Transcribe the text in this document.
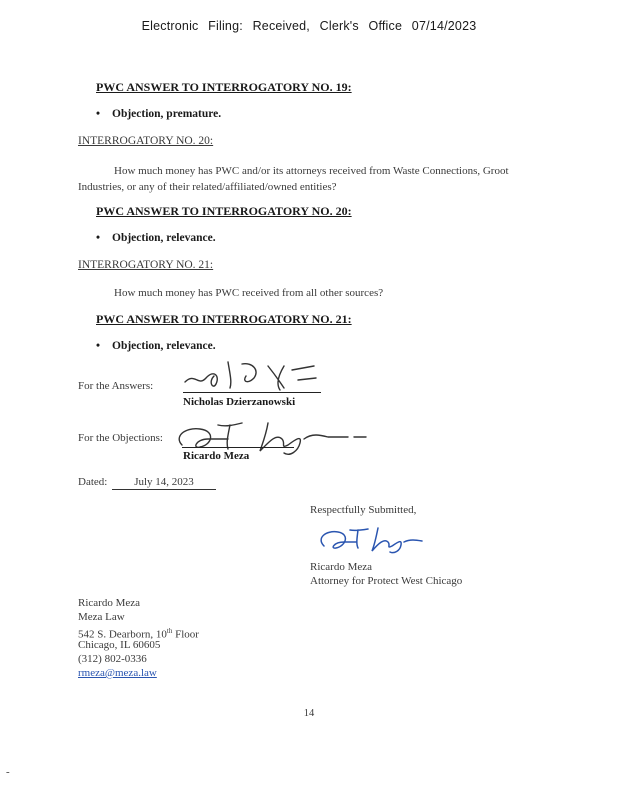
Electronic Filing: Received, Clerk's Office 07/14/2023
PWC ANSWER TO INTERROGATORY NO. 19:
• Objection, premature.
INTERROGATORY NO. 20:
How much money has PWC and/or its attorneys received from Waste Connections, Groot
Industries, or any of their related/affiliated/owned entities?
PWC ANSWER TO INTERROGATORY NO. 20:
• Objection, relevance.
INTERROGATORY NO. 21:
How much money has PWC received from all other sources?
PWC ANSWER TO INTERROGATORY NO. 21:
• Objection, relevance.
For the Answers:
Nicholas Dzierzanowski
For the Objections:
Ricardo Meza
Dated:	July 14, 2023
Respectfully Submitted,
Ricardo Meza
Attorney for Protect West Chicago
Ricardo Meza
Meza Law
542 S. Dearborn, 10th Floor
Chicago, IL 60605
(312) 802-0336
rmeza@meza.law
14
-
